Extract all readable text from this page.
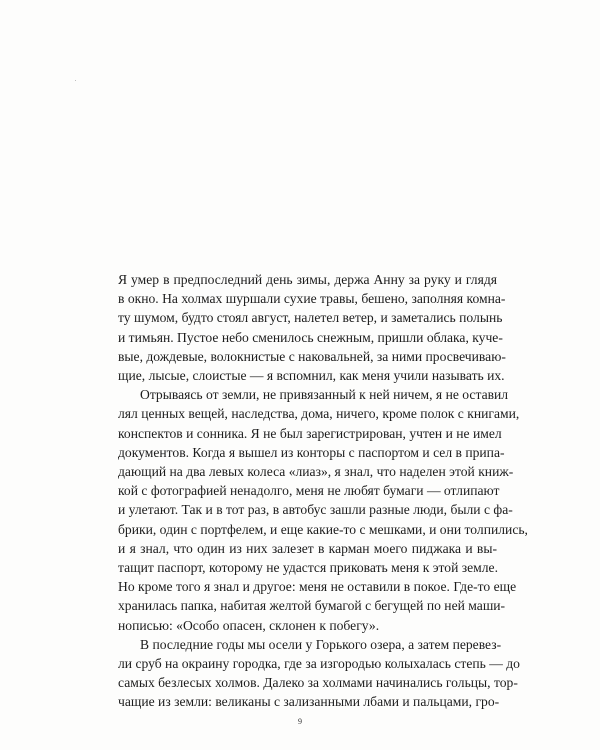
Я умер в предпоследний день зимы, держа Анну за руку и глядя
в окно. На холмах шуршали сухие травы, бешено, заполняя комна-
ту шумом, будто стоял август, налетел ветер, и заметались полынь
и тимьян. Пустое небо сменилось снежным, пришли облака, куче-
вые, дождевые, волокнистые с наковальней, за ними просвечиваю-
щие, лысые, слоистые — я вспомнил, как меня учили называть их.
Отрываясь от земли, не привязанный к ней ничем, я не оставил
лял ценных вещей, наследства, дома, ничего, кроме полок с книгами,
конспектов и сонника. Я не был зарегистрирован, учтен и не имел
документов. Когда я вышел из конторы с паспортом и сел в припа-
дающий на два левых колеса «лиаз», я знал, что наделен этой книж-
кой с фотографией ненадолго, меня не любят бумаги — отлипают
и улетают. Так и в тот раз, в автобус зашли разные люди, были с фа-
брики, один с портфелем, и еще какие-то с мешками, и они толпились,
и я знал, что один из них залезет в карман моего пиджака и вы-
тащит паспорт, которому не удастся приковать меня к этой земле.
Но кроме того я знал и другое: меня не оставили в покое. Где-то еще
хранилась папка, набитая желтой бумагой с бегущей по ней маши-
нописью: «Особо опасен, склонен к побегу».
В последние годы мы осели у Горького озера, а затем перевез-
ли сруб на окраину городка, где за изгородью колыхалась степь — до
самых безлесых холмов. Далеко за холмами начинались гольцы, тор-
чащие из земли: великаны с зализанными лбами и пальцами, гро-
9
